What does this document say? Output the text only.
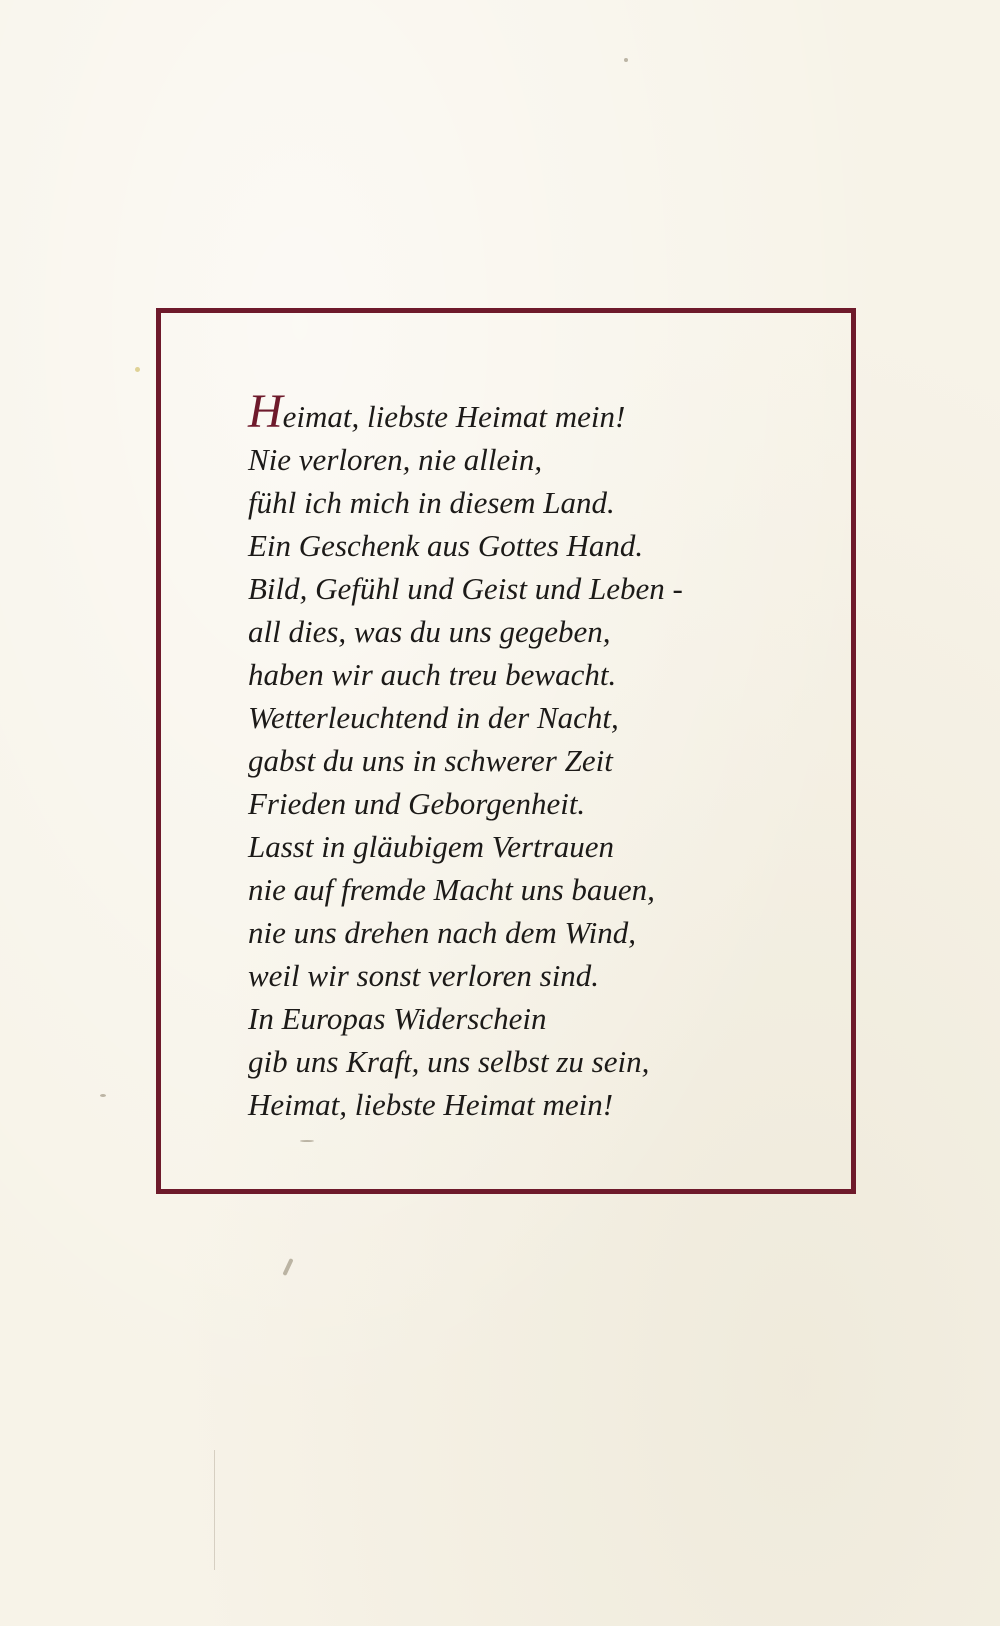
Heimat, liebste Heimat mein!
Nie verloren, nie allein,
fühl ich mich in diesem Land.
Ein Geschenk aus Gottes Hand.
Bild, Gefühl und Geist und Leben -
all dies, was du uns gegeben,
haben wir auch treu bewacht.
Wetterleuchtend in der Nacht,
gabst du uns in schwerer Zeit
Frieden und Geborgenheit.
Lasst in gläubigem Vertrauen
nie auf fremde Macht uns bauen,
nie uns drehen nach dem Wind,
weil wir sonst verloren sind.
In Europas Widerschein
gib uns Kraft, uns selbst zu sein,
Heimat, liebste Heimat mein!
